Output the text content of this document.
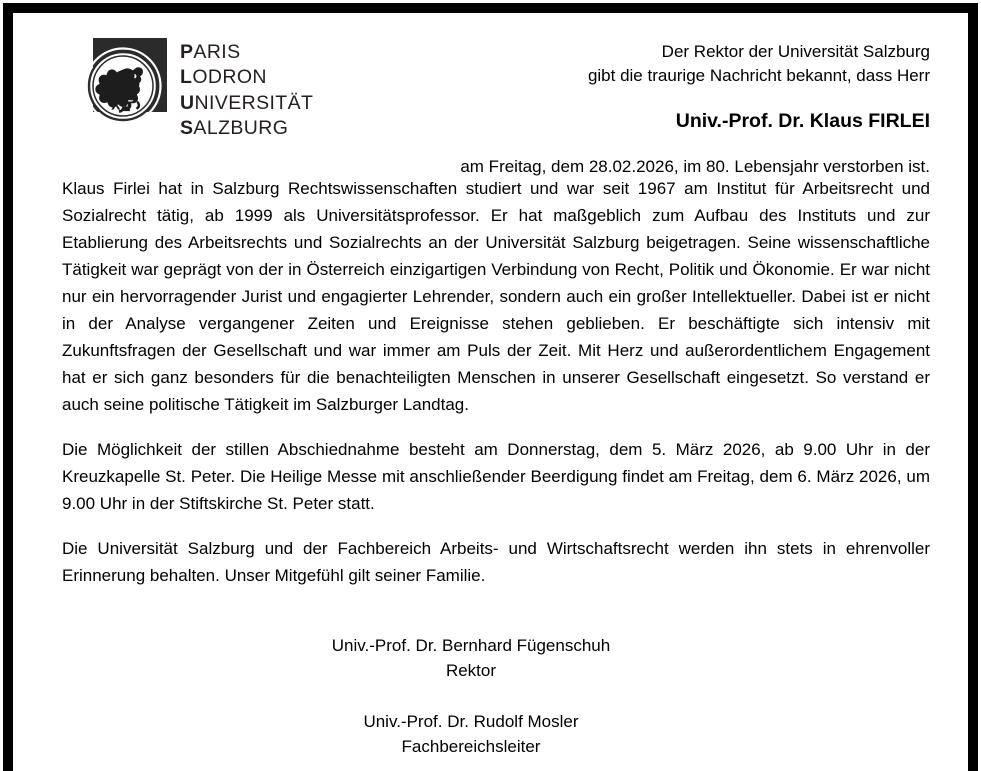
PARIS
LODRON
UNIVERSITÄT
SALZBURG
Der Rektor der Universität Salzburg
gibt die traurige Nachricht bekannt, dass Herr
Univ.-Prof. Dr. Klaus FIRLEI
am Freitag, dem 28.02.2026, im 80. Lebensjahr verstorben ist.

Klaus Firlei hat in Salzburg Rechtswissenschaften studiert und war seit 1967 am Institut für Arbeitsrecht und Sozialrecht tätig, ab 1999 als Universitätsprofessor. Er hat maßgeblich zum Aufbau des Instituts und zur Etablierung des Arbeitsrechts und Sozialrechts an der Universität Salzburg beigetragen. Seine wissenschaftliche Tätigkeit war geprägt von der in Österreich einzigartigen Verbindung von Recht, Politik und Ökonomie. Er war nicht nur ein hervorragender Jurist und engagierter Lehrender, sondern auch ein großer Intellektueller. Dabei ist er nicht in der Analyse vergangener Zeiten und Ereignisse stehen geblieben. Er beschäftigte sich intensiv mit Zukunftsfragen der Gesellschaft und war immer am Puls der Zeit. Mit Herz und außerordentlichem Engagement hat er sich ganz besonders für die benachteiligten Menschen in unserer Gesellschaft eingesetzt. So verstand er auch seine politische Tätigkeit im Salzburger Landtag.

Die Möglichkeit der stillen Abschiednahme besteht am Donnerstag, dem 5. März 2026, ab 9.00 Uhr in der Kreuzkapelle St. Peter. Die Heilige Messe mit anschließender Beerdigung findet am Freitag, dem 6. März 2026, um 9.00 Uhr in der Stiftskirche St. Peter statt.

Die Universität Salzburg und der Fachbereich Arbeits- und Wirtschaftsrecht werden ihn stets in ehrenvoller Erinnerung behalten. Unser Mitgefühl gilt seiner Familie.

Univ.-Prof. Dr. Bernhard Fügenschuh
Rektor
Univ.-Prof. Dr. Rudolf Mosler
Fachbereichsleiter
